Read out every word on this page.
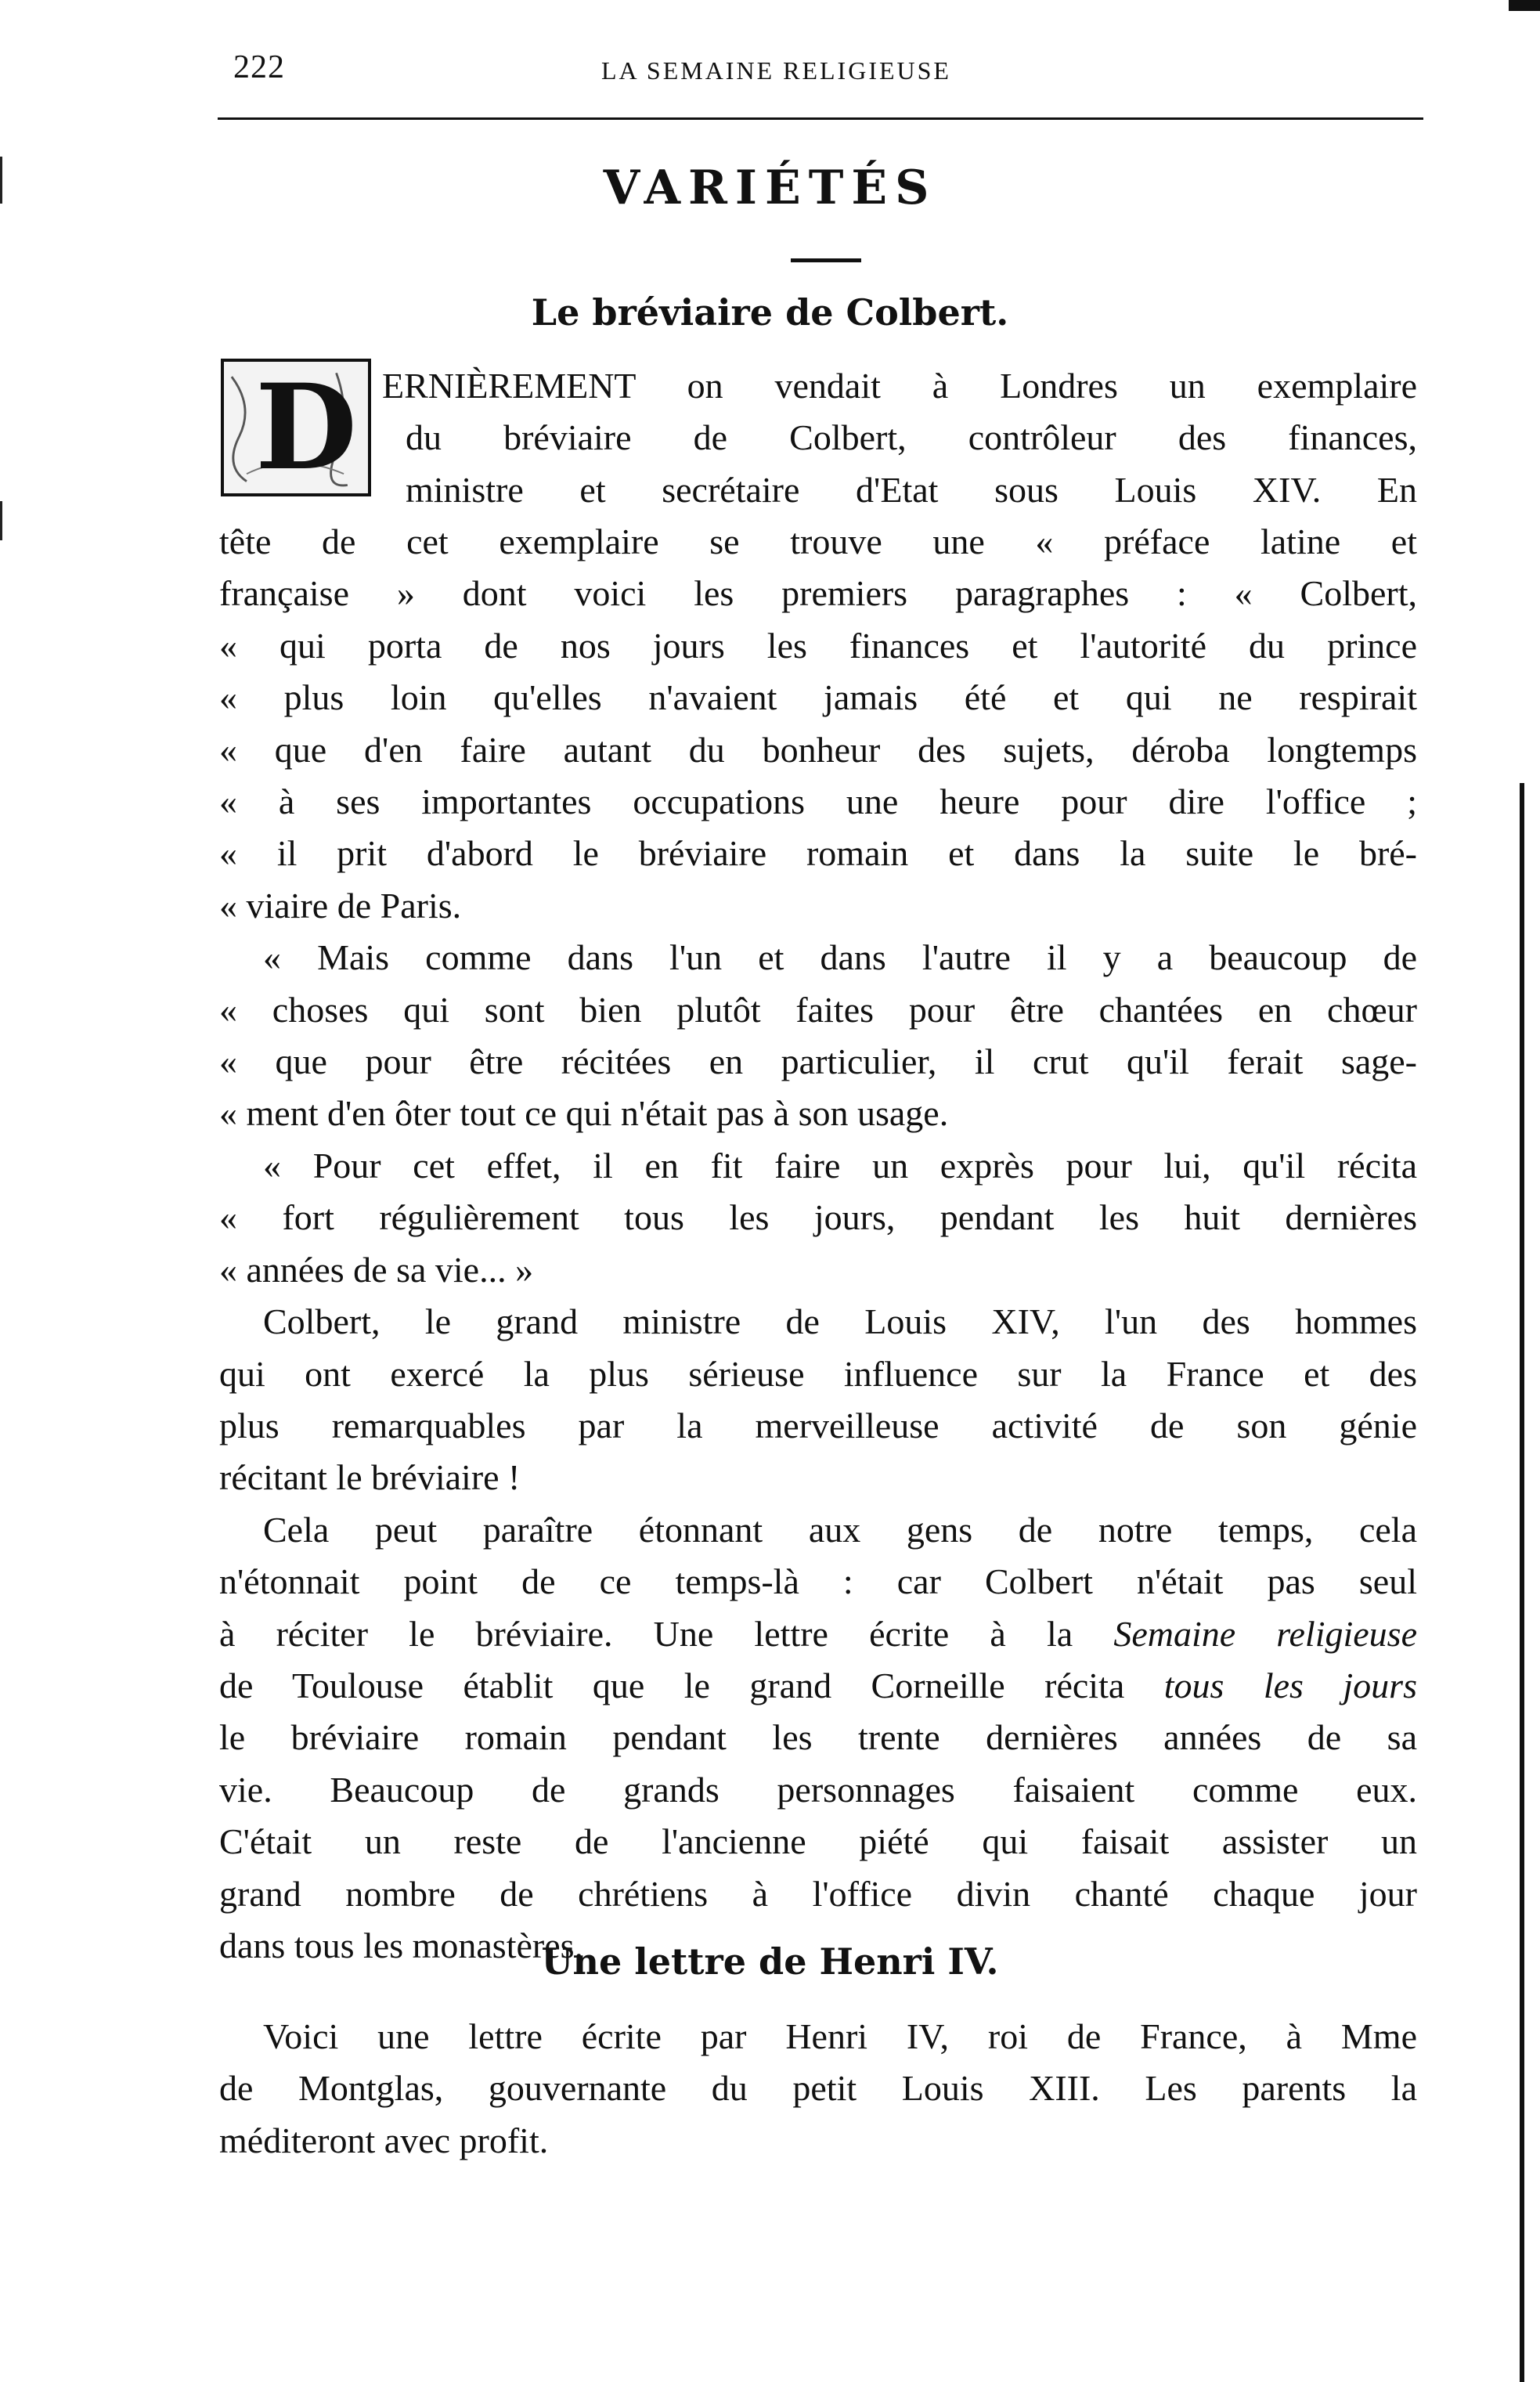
222	LA SEMAINE RELIGIEUSE
VARIÉTÉS
Le bréviaire de Colbert.
D ERNIÈREMENT on vendait à Londres un exemplaire
du bréviaire de Colbert, contrôleur des finances,
ministre et secrétaire d'Etat sous Louis XIV. En
tête de cet exemplaire se trouve une « préface latine et
française » dont voici les premiers paragraphes : « Colbert,
« qui porta de nos jours les finances et l'autorité du prince
« plus loin qu'elles n'avaient jamais été et qui ne respirait
« que d'en faire autant du bonheur des sujets, déroba longtemps
« à ses importantes occupations une heure pour dire l'office ;
« il prit d'abord le bréviaire romain et dans la suite le bré-
« viaire de Paris.
« Mais comme dans l'un et dans l'autre il y a beaucoup de
« choses qui sont bien plutôt faites pour être chantées en chœur
« que pour être récitées en particulier, il crut qu'il ferait sage-
« ment d'en ôter tout ce qui n'était pas à son usage.
« Pour cet effet, il en fit faire un exprès pour lui, qu'il récita
« fort régulièrement tous les jours, pendant les huit dernières
« années de sa vie... »
Colbert, le grand ministre de Louis XIV, l'un des hommes
qui ont exercé la plus sérieuse influence sur la France et des
plus remarquables par la merveilleuse activité de son génie
récitant le bréviaire !
Cela peut paraître étonnant aux gens de notre temps, cela
n'étonnait point de ce temps-là : car Colbert n'était pas seul
à réciter le bréviaire. Une lettre écrite à la Semaine religieuse
de Toulouse établit que le grand Corneille récita tous les jours
le bréviaire romain pendant les trente dernières années de sa
vie. Beaucoup de grands personnages faisaient comme eux.
C'était un reste de l'ancienne piété qui faisait assister un
grand nombre de chrétiens à l'office divin chanté chaque jour
dans tous les monastères.
Une lettre de Henri IV.
Voici une lettre écrite par Henri IV, roi de France, à Mme
de Montglas, gouvernante du petit Louis XIII. Les parents la
méditeront avec profit.
